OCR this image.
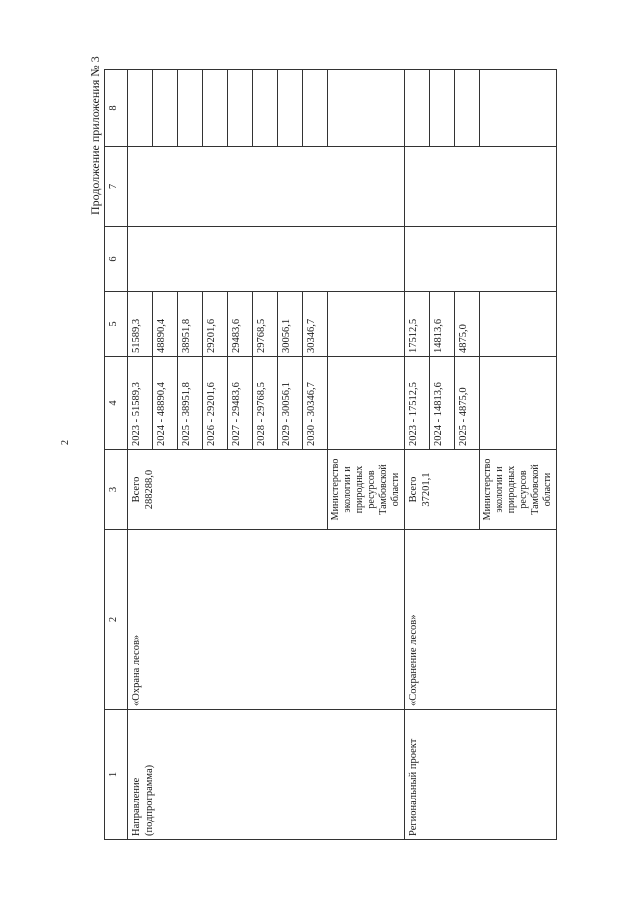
2
Продолжение приложения № 3
1	2	3	4	5	6	7	8
Направление (подпрограмма)	«Охрана лесов»	Всего 288288,0	2023 - 51589,3	51589,3			
			2024 - 48890,4	48890,4			
			2025 - 38951,8	38951,8			
			2026 - 29201,6	29201,6			
			2027 - 29483,6	29483,6			
			2028 - 29768,5	29768,5			
			2029 - 30056,1	30056,1			
			2030 - 30346,7	30346,7			
		Министерство экологии и природных ресурсов Тамбовской области					
Региональный проект	«Сохранение лесов»	Всего 37201,1	2023 - 17512,5	17512,5			
			2024 - 14813,6	14813,6			
			2025 - 4875,0	4875,0			
		Министерство экологии и природных ресурсов Тамбовской области					
